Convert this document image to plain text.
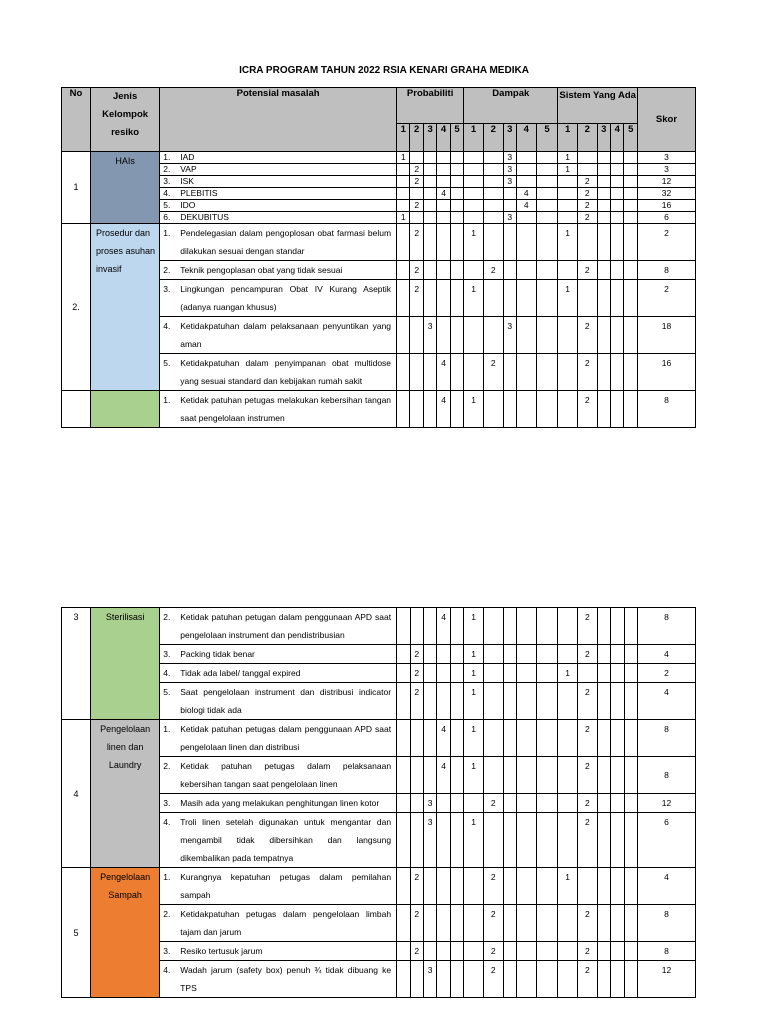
ICRA PROGRAM TAHUN 2022 RSIA KENARI GRAHA MEDIKA
No	Jenis Kelompok resiko	Potensial masalah	Probabiliti					Dampak					Sistem Yang Ada					Skor
			1	2	3	4	5	1	2	3	4	5	1	2	3	4	5	
1	HAIs	1. IAD	1							3			1					3

		2. VAP		2						3			1					3

		3. ISK		2						3				2				12

		4. PLEBITIS				4					4			2				32

		5. IDO		2							4			2				16

		6. DEKUBITUS	1							3				2				6
2.	Prosedur dan proses asuhan invasif	1. Pendelegasian dalam pengoplosan obat farmasi belum dilakukan sesuai dengan standar		2				1					1					2

		2. Teknik pengoplasan obat yang tidak sesuai		2					2					2				8

		3. Lingkungan pencampuran Obat IV Kurang Aseptik (adanya ruangan khusus)		2				1					1					2

		4. Ketidakpatuhan dalam pelaksanaan penyuntikan yang aman			3					3				2				18

		5. Ketidakpatuhan dalam penyimpanan obat multidose yang sesuai standard dan kebijakan rumah sakit				4			2					2				16

		1. Ketidak patuhan petugas melakukan kebersihan tangan saat pengelolaan instrumen				4		1						2				8
3	Sterilisasi	2. Ketidak patuhan petugan dalam penggunaan APD saat pengelolaan instrument dan pendistribusian				4		1						2				8

		3. Packing tidak benar		2				1						2				4

		4. Tidak ada label/ tanggal expired		2				1					1					2

		5. Saat pengelolaan instrument dan distribusi indicator biologi tidak ada		2				1						2				4
4	Pengelolaan linen dan Laundry	1. Ketidak patuhan petugas dalam penggunaan APD saat pengelolaan linen dan distribusi				4		1						2				8

		2. Ketidak patuhan petugas dalam pelaksanaan kebersihan tangan saat pengelolaan linen				4		1						2				8

		3. Masih ada yang melakukan penghitungan linen kotor			3				2					2				12

		4. Troli linen setelah digunakan untuk mengantar dan mengambil tidak dibersihkan dan langsung dikembalikan pada tempatnya			3			1						2				6
5	Pengelolaan Sampah	1. Kurangnya kepatuhan petugas dalam pemilahan sampah		2					2				1					4

		2. Ketidakpatuhan petugas dalam pengelolaan limbah tajam dan jarum		2					2					2				8

		3. Resiko tertusuk jarum		2					2					2				8

		4. Wadah jarum (safety box) penuh ¾ tidak dibuang ke TPS			3				2					2				12
